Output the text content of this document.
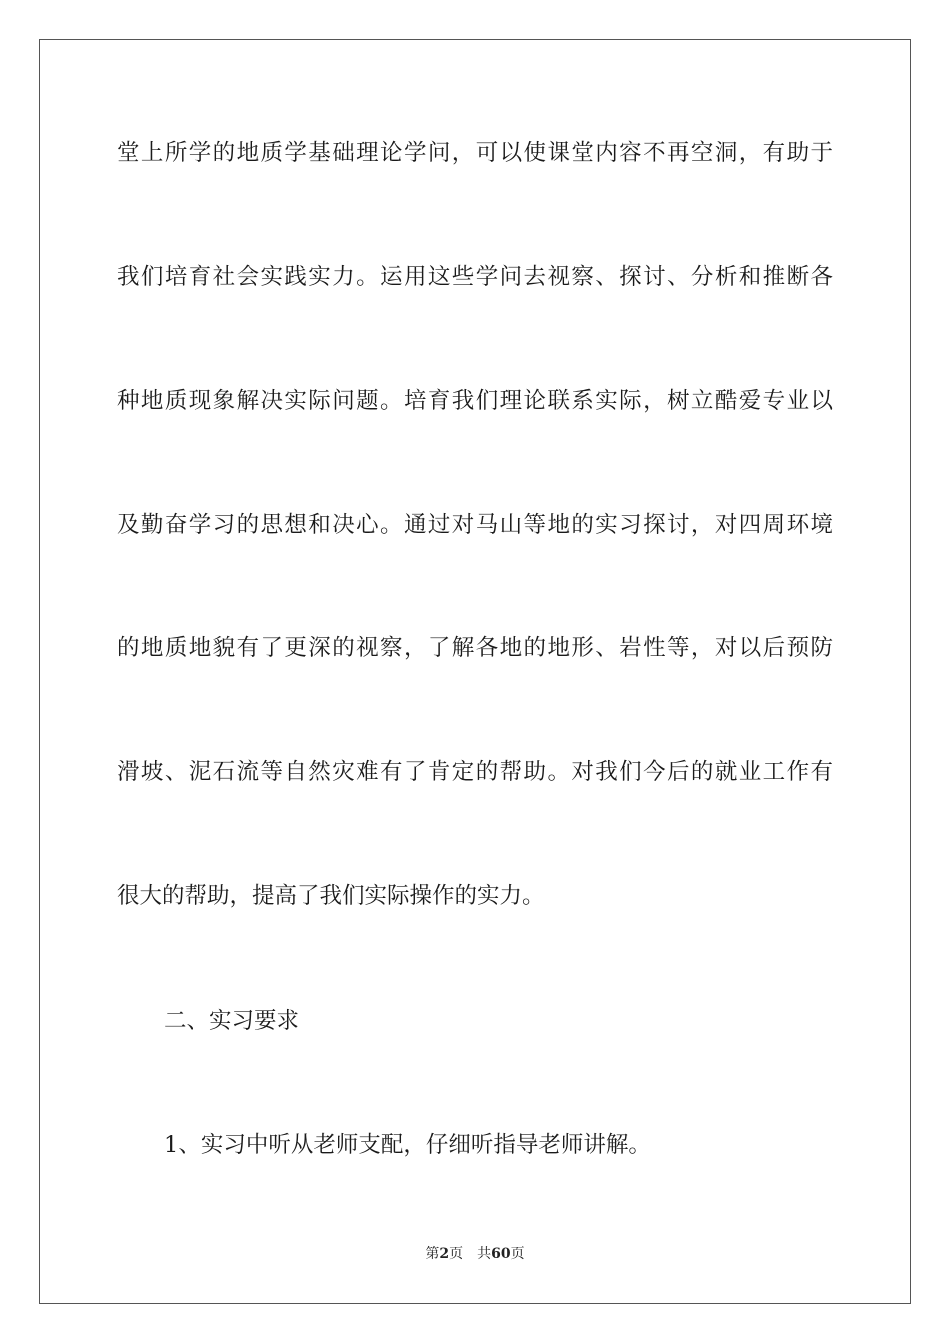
堂上所学的地质学基础理论学问，可以使课堂内容不再空洞，有助于
我们培育社会实践实力。运用这些学问去视察、探讨、分析和推断各
种地质现象解决实际问题。培育我们理论联系实际，树立酷爱专业以
及勤奋学习的思想和决心。通过对马山等地的实习探讨，对四周环境
的地质地貌有了更深的视察，了解各地的地形、岩性等，对以后预防
滑坡、泥石流等自然灾难有了肯定的帮助。对我们今后的就业工作有
很大的帮助，提高了我们实际操作的实力。
二、实习要求
1、实习中听从老师支配，仔细听指导老师讲解。
第2页 共60页
